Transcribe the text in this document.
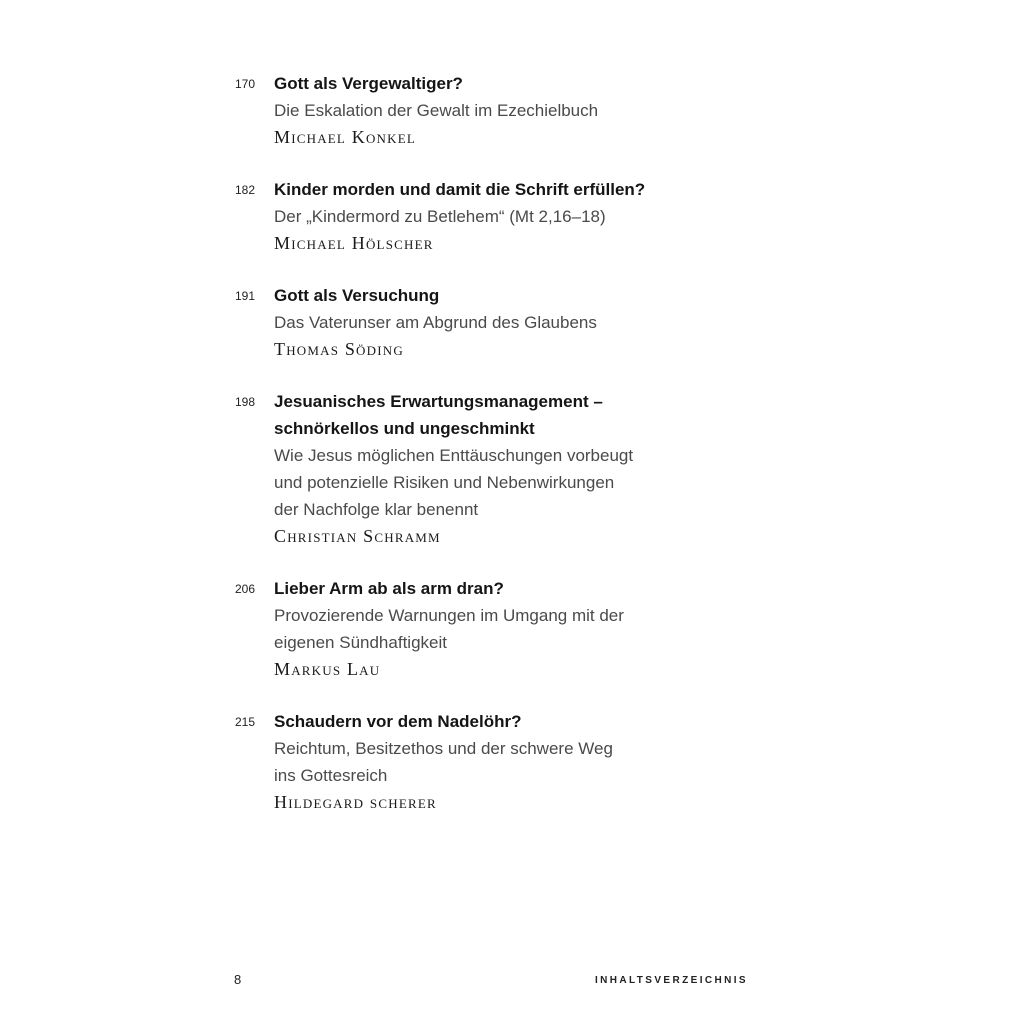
170 Gott als Vergewaltiger?
Die Eskalation der Gewalt im Ezechielbuch
Michael Konkel
182 Kinder morden und damit die Schrift erfüllen?
Der „Kindermord zu Betlehem“ (Mt 2,16–18)
Michael Hölscher
191 Gott als Versuchung
Das Vaterunser am Abgrund des Glaubens
Thomas Söding
198 Jesuanisches Erwartungsmanagement –
schnörkellos und ungeschminkt
Wie Jesus möglichen Enttäuschungen vorbeugt
und potenzielle Risiken und Nebenwirkungen
der Nachfolge klar benennt
Christian Schramm
206 Lieber Arm ab als arm dran?
Provozierende Warnungen im Umgang mit der
eigenen Sündhaftigkeit
Markus Lau
215 Schaudern vor dem Nadelöhr?
Reichtum, Besitzethos und der schwere Weg
ins Gottesreich
Hildegard scherer
8	INHALTSVERZEICHNIS
